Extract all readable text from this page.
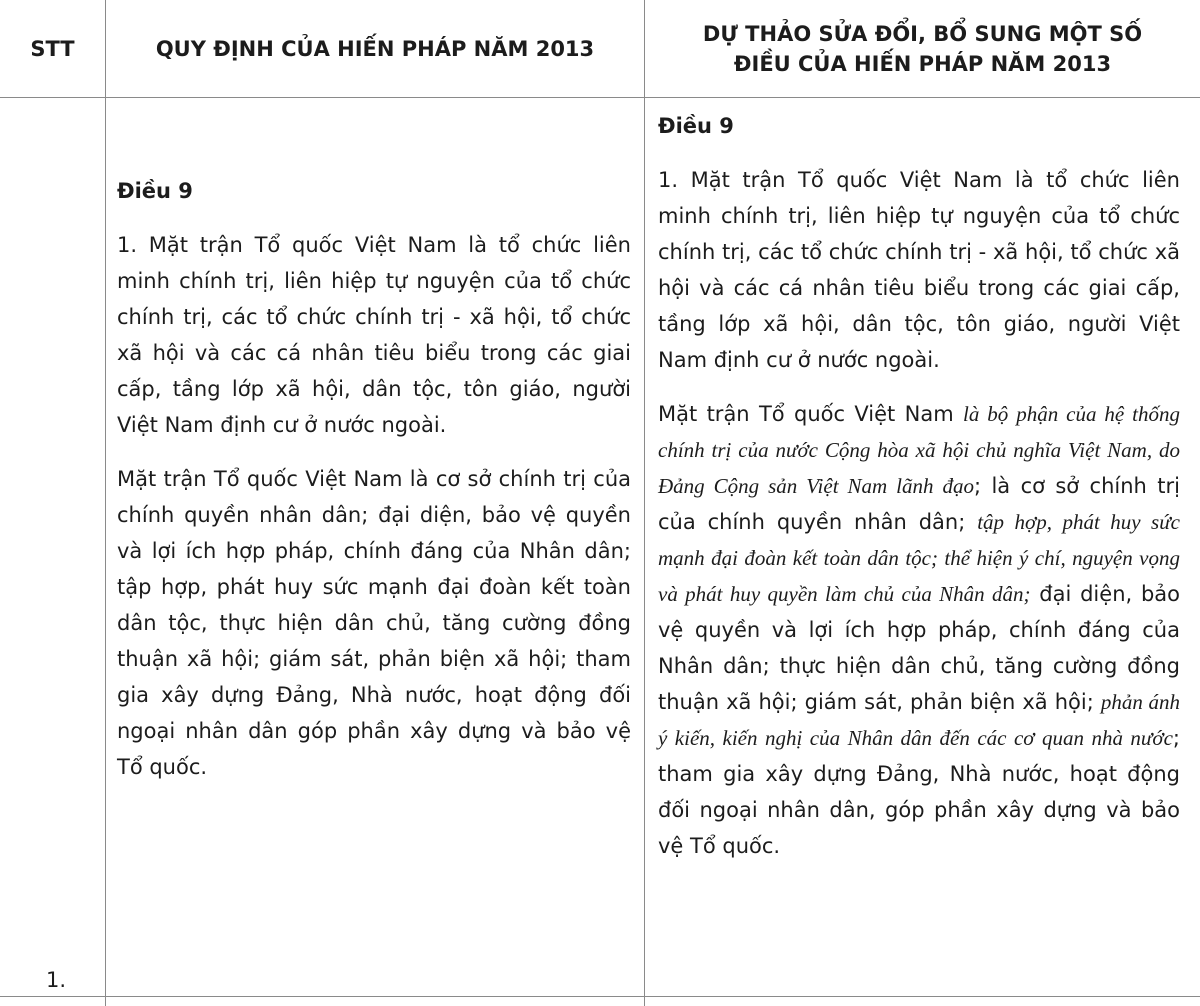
STT	QUY ĐỊNH CỦA HIẾN PHÁP NĂM 2013
DỰ THẢO SỬA ĐỔI, BỔ SUNG MỘT SỐ
ĐIỀU CỦA HIẾN PHÁP NĂM 2013
1.
Điều 9

1. Mặt trận Tổ quốc Việt Nam là tổ chức liên minh chính trị, liên hiệp tự nguyện của tổ chức chính trị, các tổ chức chính trị - xã hội, tổ chức xã hội và các cá nhân tiêu biểu trong các giai cấp, tầng lớp xã hội, dân tộc, tôn giáo, người Việt Nam định cư ở nước ngoài.

Mặt trận Tổ quốc Việt Nam là cơ sở chính trị của chính quyền nhân dân; đại diện, bảo vệ quyền và lợi ích hợp pháp, chính đáng của Nhân dân; tập hợp, phát huy sức mạnh đại đoàn kết toàn dân tộc, thực hiện dân chủ, tăng cường đồng thuận xã hội; giám sát, phản biện xã hội; tham gia xây dựng Đảng, Nhà nước, hoạt động đối ngoại nhân dân góp phần xây dựng và bảo vệ Tổ quốc.

Điều 9

1. Mặt trận Tổ quốc Việt Nam là tổ chức liên minh chính trị, liên hiệp tự nguyện của tổ chức chính trị, các tổ chức chính trị - xã hội, tổ chức xã hội và các cá nhân tiêu biểu trong các giai cấp, tầng lớp xã hội, dân tộc, tôn giáo, người Việt Nam định cư ở nước ngoài.

Mặt trận Tổ quốc Việt Nam là bộ phận của hệ thống chính trị của nước Cộng hòa xã hội chủ nghĩa Việt Nam, do Đảng Cộng sản Việt Nam lãnh đạo; là cơ sở chính trị của chính quyền nhân dân; tập hợp, phát huy sức mạnh đại đoàn kết toàn dân tộc; thể hiện ý chí, nguyện vọng và phát huy quyền làm chủ của Nhân dân; đại diện, bảo vệ quyền và lợi ích hợp pháp, chính đáng của Nhân dân; thực hiện dân chủ, tăng cường đồng thuận xã hội; giám sát, phản biện xã hội; phản ánh ý kiến, kiến nghị của Nhân dân đến các cơ quan nhà nước; tham gia xây dựng Đảng, Nhà nước, hoạt động đối ngoại nhân dân, góp phần xây dựng và bảo vệ Tổ quốc.
